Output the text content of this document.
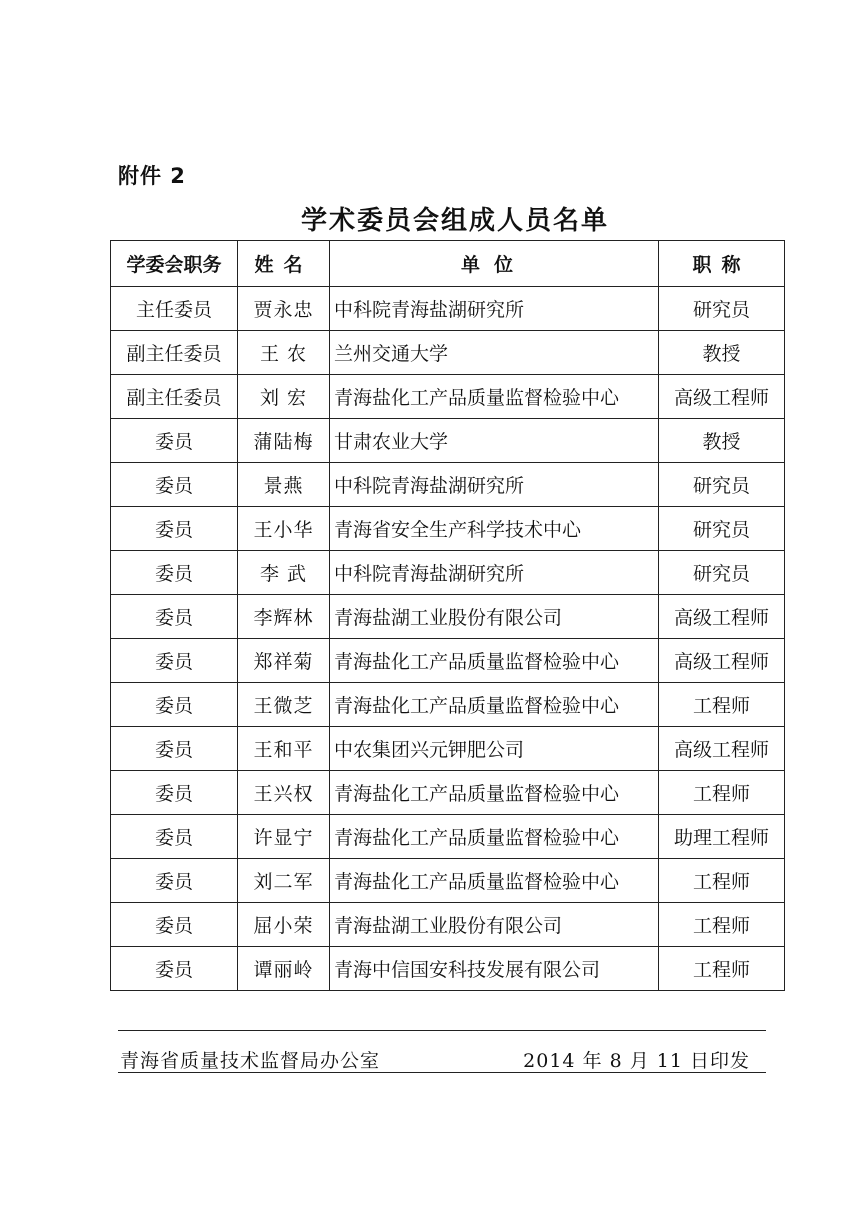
附件 2
学术委员会组成人员名单
学委会职务	姓名	单位	职称
主任委员	贾永忠	中科院青海盐湖研究所	研究员
副主任委员	王 农	兰州交通大学	教授
副主任委员	刘 宏	青海盐化工产品质量监督检验中心	高级工程师
委员	蒲陆梅	甘肃农业大学	教授
委员	景燕	中科院青海盐湖研究所	研究员
委员	王小华	青海省安全生产科学技术中心	研究员
委员	李 武	中科院青海盐湖研究所	研究员
委员	李辉林	青海盐湖工业股份有限公司	高级工程师
委员	郑祥菊	青海盐化工产品质量监督检验中心	高级工程师
委员	王微芝	青海盐化工产品质量监督检验中心	工程师
委员	王和平	中农集团兴元钾肥公司	高级工程师
委员	王兴权	青海盐化工产品质量监督检验中心	工程师
委员	许显宁	青海盐化工产品质量监督检验中心	助理工程师
委员	刘二军	青海盐化工产品质量监督检验中心	工程师
委员	屈小荣	青海盐湖工业股份有限公司	工程师
委员	谭丽岭	青海中信国安科技发展有限公司	工程师
青海省质量技术监督局办公室	2014 年 8 月 11 日印发
